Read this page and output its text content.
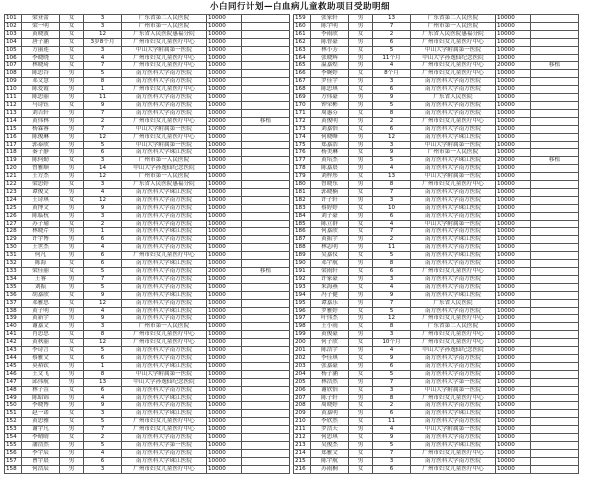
小白同行计划—白血病儿童救助项目受助明细
101	梁亚蕾	女	3	广东省第二人民医院	10000	
102	梁一明	女	3	广州市第一人民医院	10000	
103	黄晓波	女	12	广东省人民医院惠福分院	10000	
104	唐子涵	女	3岁8个月	广州市妇女儿童医疗中心	10000	
105	方丽莲	女	3	中山大学附属第一医院	10000	
106	李晓晓	女	4	广州市妇女儿童医疗中心	10000	
107	林晓琦	女	7	广州市妇女儿童医疗中心	10000	
108	陈思谷	男	5	南方医科大学南方医院	10000	
109	邓文慧	男	8	南方医科大学南方医院	10000	
110	陈爱霞	男	1	广州市妇女儿童医疗中心	10000	
111	陈思丽	男	11	南方医科大学南方医院	10000	
112	马诗钰	女	9	南方医科大学南方医院	10000	
113	刘吉轩	男	7	南方医科大学南方医院	10000	
114	黄伟林	男	2	广州市妇女儿童医疗中心	20000	移植
115	杨霖睿	男	7	中山大学附属第一医院	10000	
116	陈俊琳	男	12	广州市妇女儿童医疗中心	10000	
117	郭泰欣	男	5	中山大学附属第一医院	10000	
118	秦子静	男	6	南方医科大学珠江医院	10000	
119	陈何勤	女	3	广州市第一人民医院	10000	
120	曾雅顺	男	14	中山大学孙逸仙纪念医院	10000	
121	王方杰	男	12	广州市第一人民医院	10000	
122	梁思婷	女	3	广东省人民医院惠福分院	10000	
123	谭俊文	男	4	南方医科大学珠江医院	10000	
124	王诗琪	女	12	南方医科大学南方医院	10000	
125	黄博文	男	9	南方医科大学南方医院	10000	
126	陈临杭	男	3	南方医科大学南方医院	10000	
127	苏子瑜	女	2	南方医科大学南方医院	10000	
128	林晓芹	男	1	南方医科大学珠江医院	10000	
129	许宇博	男	6	南方医科大学南方医院	10000	
130	王世杰	男	4	南方医科大学南方医院	10000	
131	何凡	男	6	广州市妇女儿童医疗中心	10000	
132	陈海	女	6	南方医科大学珠江医院	10000	
133	梁佳丽	女	5	南方医科大学南方医院	20000	移植
134	王睿	男	7	南方医科大学南方医院	10000	
135	刘振	男	5	南方医科大学南方医院	10000	
136	胡嘉欣	女	9	南方医科大学珠江医院	10000	
137	邓雅思	女	12	南方医科大学南方医院	10000	
138	黄子明	男	4	南方医科大学珠江医院	10000	
139	黄新宇	男	9	南方医科大学南方医院	10000	
140	谢嘉文	男	3	广州市第一人民医院	10000	
141	肖思思	女	8	广州市妇女儿童医疗中心	10000	
142	黄秋丽	女	12	广州市妇女儿童医疗中心	10000	
143	李诗言	女	5	南方医科大学南方医院	10000	
144	蔡雅文	女	6	南方医科大学南方医院	10000	
145	莫裕钦	男	1	南方医科大学珠江医院	10000	
146	王文飞	男	8	中山大学附属第一医院	10000	
147	邱伟航	男	13	中山大学孙逸仙纪念医院	10000	
148	林子萱	女	6	南方医科大学南方医院	10000	
149	陈昭锦	男	4	南方医科大学珠江医院	10000	
150	李晓博	男	9	南方医科大学南方医院	10000	
151	赵一诺	女	3	南方医科大学珠江医院	10000	
152	黄思雅	女	5	广州市妇女儿童医疗中心	10000	
153	谢宇凡	男	7	广州市妇女儿童医疗中心	10000	
154	李晴晴	女	2	南方医科大学南方医院	10000	
155	潘浩然	男	5	南方医科大学第一医院	10000	
156	李宇辰	男	4	南方医科大学南方医院	10000	
157	曹宇晨	男	6	南方医科大学珠江医院	10000	
158	何浩辰	男	3	广州市妇女儿童医疗中心	10000	
159	张家轩	男	13	广东省第二人民医院	10000	
160	陈宇明	男	7	广州市第一人民医院	10000	
161	李雨欣	女	2	广东省人民医院惠福分院	10000	
162	陈智豪	男	6	广州市妇女儿童医疗中心	10000	
163	林小芳	女	5	中山大学附属第一医院	10000	
164	张晓辉	男	11个月	中山大学孙逸仙纪念医院	10000	
165	温嘉煌	男	4	广州市妇女儿童医疗中心	20000	移植
166	李婉婷	女	8个月	广州市妇女儿童医疗中心	10000	
167	罗佳宇	男	3	南方医科大学南方医院	10000	
168	陈思琪	女	6	南方医科大学南方医院	10000	
169	方伟豪	男	9	广东省人民医院	10000	
170	钟荣彬	男	5	南方医科大学南方医院	10000	
171	周惠芬	女	8	南方医科大学南方医院	10000	
172	黄俊明	男	2	广州市妇女儿童医疗中心	10000	
173	刘嘉怡	女	6	南方医科大学南方医院	10000	
174	何晓峰	男	12	南方医科大学珠江医院	10000	
175	郑嘉浩	男	3	中山大学附属第一医院	10000	
176	杨美琳	女	9	广州市第一人民医院	10000	
177	黄培杰	男	5	南方医科大学珠江医院	20000	移植
178	陈嘉晨	男	4	南方医科大学南方医院	10000	
179	刘梓彤	女	13	中山大学附属第一医院	10000	
180	曾晓东	男	8	广州市妇女儿童医疗中心	10000	
181	郭晓楠	女	7	南方医科大学南方医院	10000	
182	许子轩	男	3	南方医科大学南方医院	10000	
183	蔡婷婷	女	10	南方医科大学珠江医院	10000	
184	刘子豪	男	6	南方医科大学南方医院	10000	
185	陈立群	女	4	中山大学附属第一医院	10000	
186	何嘉欣	女	7	南方医科大学南方医院	10000	
187	黄振宇	男	2	南方医科大学珠江医院	10000	
188	林志明	男	11	南方医科大学南方医院	10000	
189	吴嘉仪	女	5	南方医科大学珠江医院	10000	
190	邓宇航	男	8	南方医科大学南方医院	10000	
191	梁雨轩	女	6	广州市妇女儿童医疗中心	10000	
192	许家豪	男	3	南方医科大学南方医院	10000	
193	朱海燕	女	4	南方医科大学南方医院	10000	
194	冯子健	男	9	南方医科大学珠江医院	10000	
195	谭嘉乐	男	7	广东省人民医院	10000	
196	罗雅婷	女	5	南方医科大学南方医院	10000	
197	叶伟杰	男	12	广州市妇女儿童医疗中心	10000	
198	王小雨	女	8	广东省第二人民医院	10000	
199	黄俊豪	男	3	广州市妇女儿童医疗中心	10000	
200	何子欣	女	10个月	广州市妇女儿童医疗中心	10000	
201	陈浩宇	男	4	中山大学孙逸仙纪念医院	10000	
202	李佳琪	女	9	南方医科大学南方医院	10000	
203	张嘉豪	男	6	南方医科大学南方医院	10000	
204	杨子涵	女	5	南方医科大学南方医院	10000	
205	林浩然	男	7	南方医科大学第一医院	10000	
206	谢欣怡	女	3	中山大学附属第一医院	10000	
207	陈子轩	男	8	广州市妇女儿童医疗中心	10000	
208	周晓婷	女	2	南方医科大学南方医院	10000	
209	黄嘉明	男	6	南方医科大学珠江医院	10000	
210	李欣然	女	11	南方医科大学南方医院	10000	
211	罗浩天	男	4	中山大学附属第一医院	10000	
212	何思琪	女	9	南方医科大学南方医院	10000	
213	吴俊杰	男	5	南方医科大学珠江医院	10000	
214	郑雅文	女	7	广州市妇女儿童医疗中心	10000	
215	陈宇航	男	3	南方医科大学南方医院	10000	
216	苏雨桐	女	6	广州市妇女儿童医疗中心	10000	
